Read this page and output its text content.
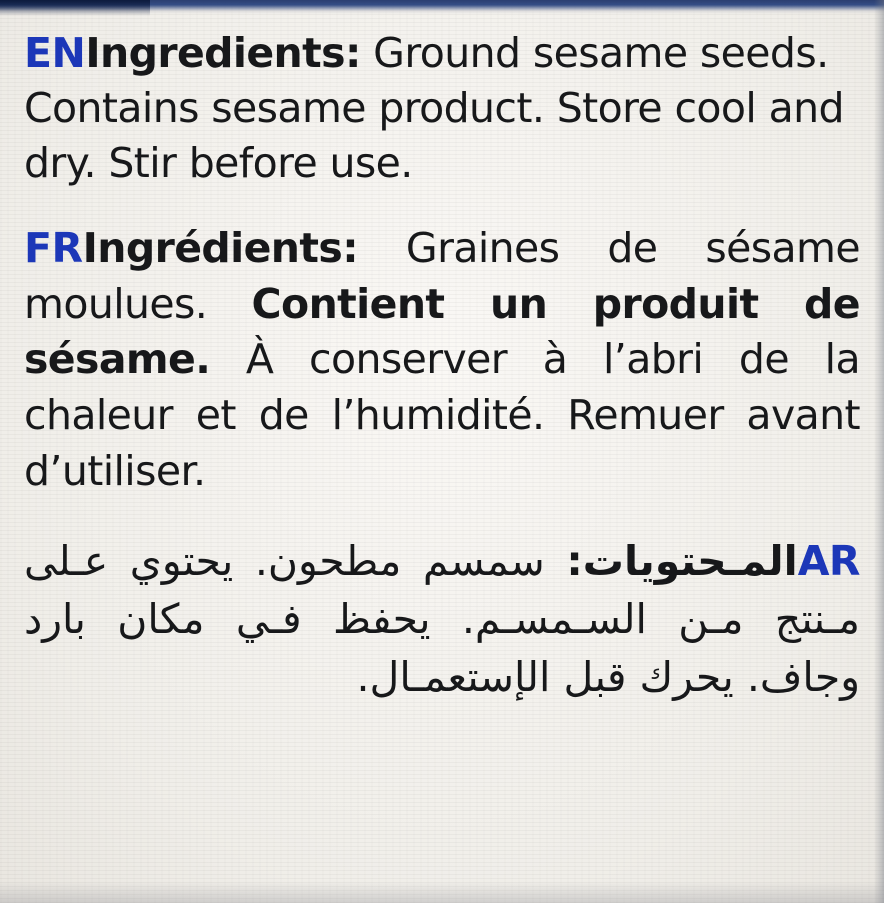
ENIngredients: Ground sesame seeds. Contains sesame product. Store cool and dry. Stir before use.
FRIngrédients: Graines de sésame moulues. Contient un produit de sésame. À conserver à l’abri de la chaleur et de l’humidité. Remuer avant d’utiliser.
ARالمـحتويات: سمسم مطحون. يحتوي عـلى مـنتج مـن السـمسـم. يحفظ فـي مكان بارد وجاف. يحرك قبل الإستعمـال.
